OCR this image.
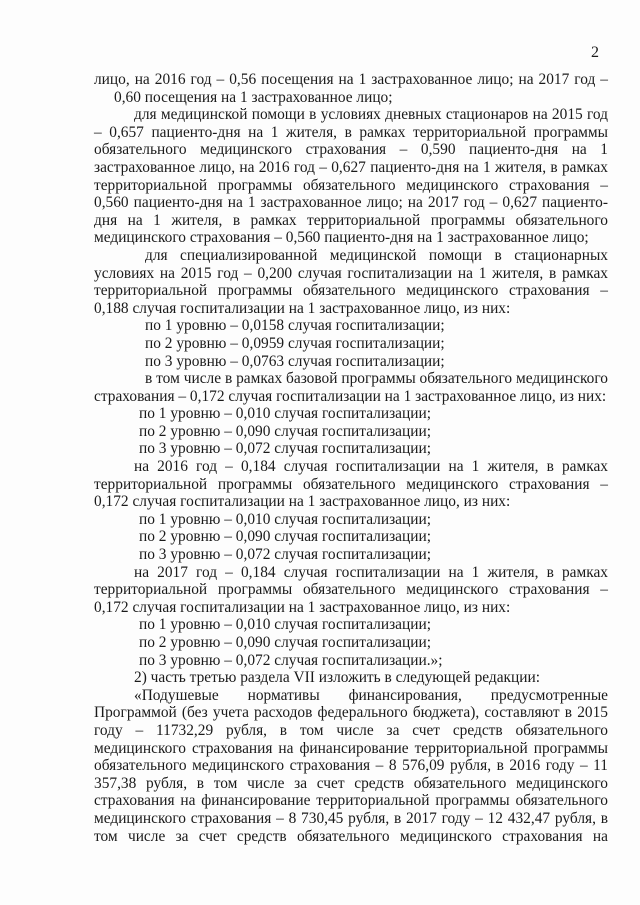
2

лицо, на 2016 год – 0,56 посещения на 1 застрахованное лицо; на 2017 год – 0,60 посещения на 1 застрахованное лицо;

для медицинской помощи в условиях дневных стационаров на 2015 год – 0,657 пациенто-дня на 1 жителя, в рамках территориальной программы обязательного медицинского страхования – 0,590 пациенто-дня на 1 застрахованное лицо, на 2016 год – 0,627 пациенто-дня на 1 жителя, в рамках территориальной программы обязательного медицинского страхования – 0,560 пациенто-дня на 1 застрахованное лицо; на 2017 год – 0,627 пациенто-дня на 1 жителя, в рамках территориальной программы обязательного медицинского страхования – 0,560 пациенто-дня на 1 застрахованное лицо;

для специализированной медицинской помощи в стационарных условиях на 2015 год – 0,200 случая госпитализации на 1 жителя, в рамках территориальной программы обязательного медицинского страхования – 0,188 случая госпитализации на 1 застрахованное лицо, из них:

по 1 уровню – 0,0158 случая госпитализации;

по 2 уровню – 0,0959 случая госпитализации;

по 3 уровню – 0,0763 случая госпитализации;

в том числе в рамках базовой программы обязательного медицинского страхования – 0,172 случая госпитализации на 1 застрахованное лицо, из них:

по 1 уровню – 0,010 случая госпитализации;

по 2 уровню – 0,090 случая госпитализации;

по 3 уровню – 0,072 случая госпитализации;

на 2016 год – 0,184 случая госпитализации на 1 жителя, в рамках территориальной программы обязательного медицинского страхования – 0,172 случая госпитализации на 1 застрахованное лицо, из них:

по 1 уровню – 0,010 случая госпитализации;

по 2 уровню – 0,090 случая госпитализации;

по 3 уровню – 0,072 случая госпитализации;

на 2017 год – 0,184 случая госпитализации на 1 жителя, в рамках территориальной программы обязательного медицинского страхования – 0,172 случая госпитализации на 1 застрахованное лицо, из них:

по 1 уровню – 0,010 случая госпитализации;

по 2 уровню – 0,090 случая госпитализации;

по 3 уровню – 0,072 случая госпитализации.»;

2) часть третью раздела VII изложить в следующей редакции:

«Подушевые нормативы финансирования, предусмотренные Программой (без учета расходов федерального бюджета), составляют в 2015 году – 11732,29 рубля, в том числе за счет средств обязательного медицинского страхования на финансирование территориальной программы обязательного медицинского страхования – 8 576,09 рубля, в 2016 году – 11 357,38 рубля, в том числе за счет средств обязательного медицинского страхования на финансирование территориальной программы обязательного медицинского страхования – 8 730,45 рубля, в 2017 году – 12 432,47 рубля, в том числе за счет средств обязательного медицинского страхования на
